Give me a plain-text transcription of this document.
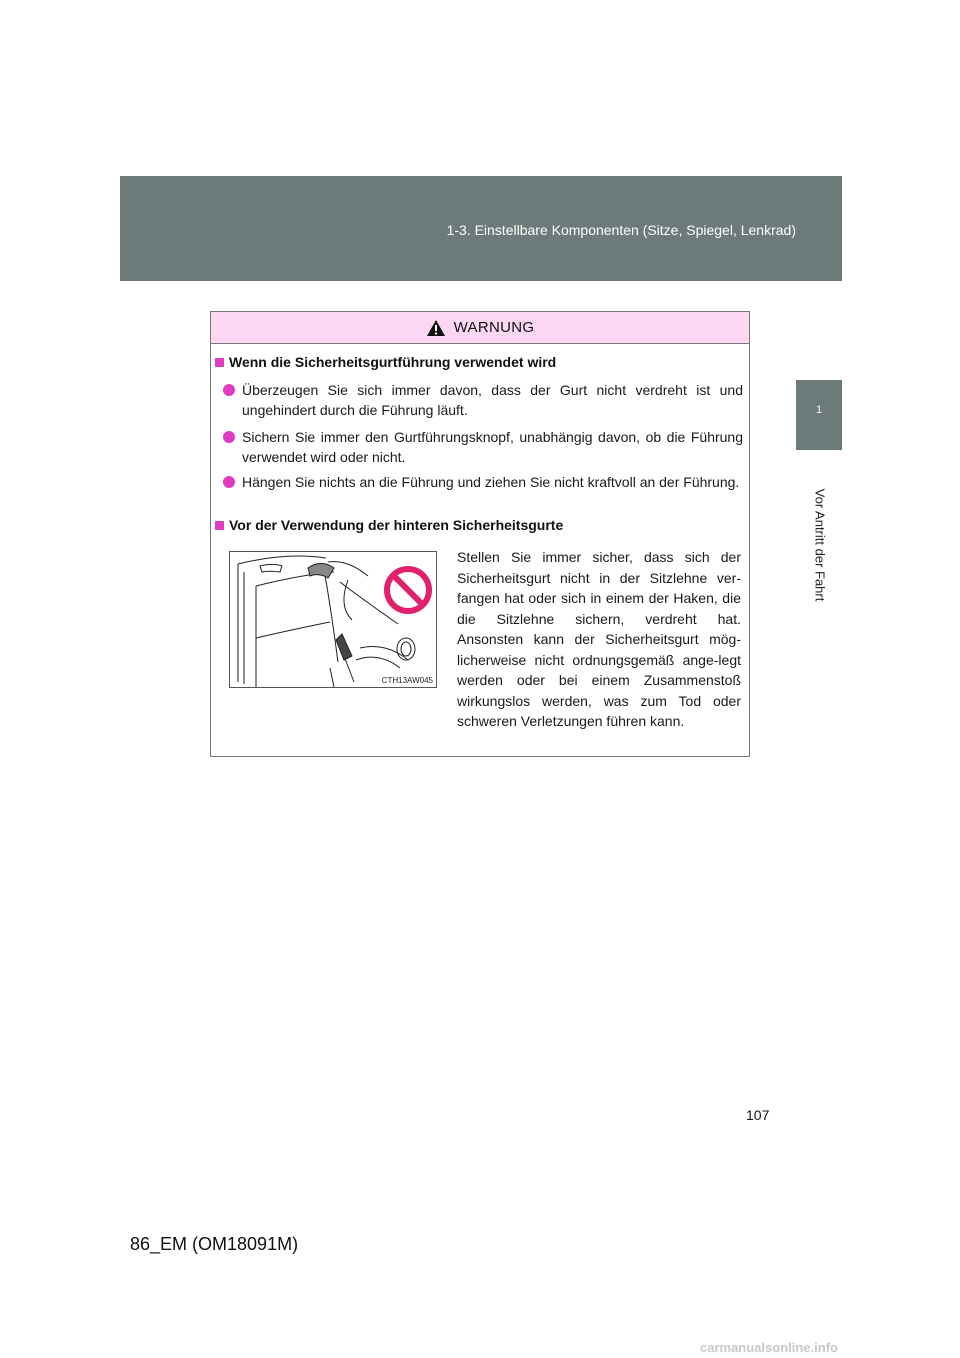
1-3. Einstellbare Komponenten (Sitze, Spiegel, Lenkrad)
1
Vor Antritt der Fahrt
WARNUNG
Wenn die Sicherheitsgurtführung verwendet wird
Überzeugen Sie sich immer davon, dass der Gurt nicht verdreht ist und ungehindert durch die Führung läuft.
Sichern Sie immer den Gurtführungsknopf, unabhängig davon, ob die Führung verwendet wird oder nicht.
Hängen Sie nichts an die Führung und ziehen Sie nicht kraftvoll an der Führung.
Vor der Verwendung der hinteren Sicherheitsgurte
CTH13AW045
Stellen Sie immer sicher, dass sich der Sicherheitsgurt nicht in der Sitzlehne ver-fangen hat oder sich in einem der Haken, die die Sitzlehne sichern, verdreht hat. Ansonsten kann der Sicherheitsgurt mög-licherweise nicht ordnungsgemäß ange-legt werden oder bei einem Zusammenstoß wirkungslos werden, was zum Tod oder schweren Verletzungen führen kann.
107
86_EM (OM18091M)
carmanualsonline.info
